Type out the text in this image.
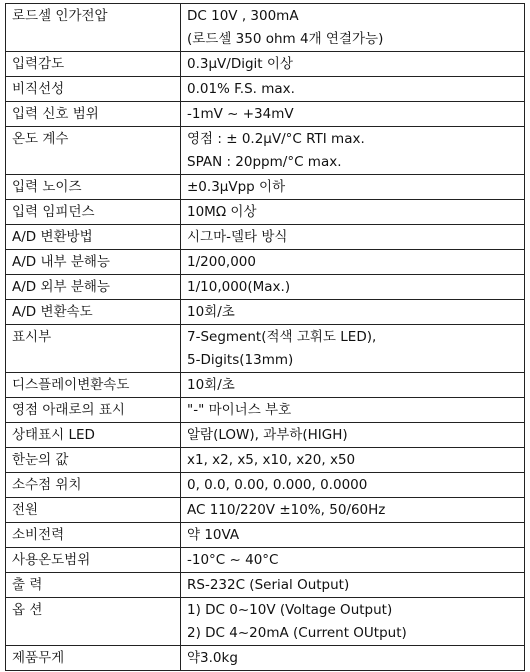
로드셀 인가전압	DC 10V , 300mA
(로드셀 350 ohm 4개 연결가능)

입력감도	0.3μV/Digit 이상

비직선성	0.01% F.S. max.

입력 신호 범위	-1mV ~ +34mV

온도 계수	영점 : ± 0.2μV/°C RTI max.
SPAN : 20ppm/°C max.

입력 노이즈	±0.3μVpp 이하

입력 임피던스	10MΩ 이상

A/D 변환방법	시그마-델타 방식

A/D 내부 분해능	1/200,000

A/D 외부 분해능	1/10,000(Max.)

A/D 변환속도	10회/초

표시부	7-Segment(적색 고휘도 LED),
5-Digits(13mm)

디스플레이변환속도	10회/초

영점 아래로의 표시	"-" 마이너스 부호

상태표시 LED	알람(LOW), 과부하(HIGH)

한눈의 값	x1, x2, x5, x10, x20, x50

소수점 위치	0, 0.0, 0.00, 0.000, 0.0000

전원	AC 110/220V ±10%, 50/60Hz

소비전력	약 10VA

사용온도범위	-10°C ~ 40°C

출 력	RS-232C (Serial Output)

옵 션	1) DC 0~10V (Voltage Output)
2) DC 4~20mA (Current OUtput)

제품무게	약3.0kg
